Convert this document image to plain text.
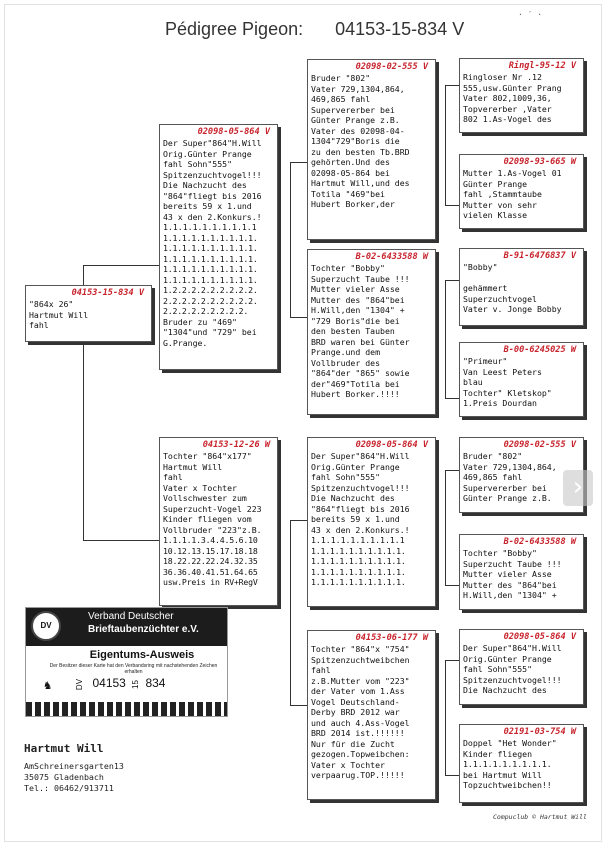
· ′ ·
Pédigree Pigeon: 04153-15-834 V
04153-15-834 V
"864x 26"
Hartmut Will
fahl
02098-05-864 V
Der Super"864"H.Will
Orig.Günter Prange
fahl Sohn"555"
Spitzenzuchtvogel!!!
Die Nachzucht des
"864"fliegt bis 2016
bereits 59 x 1.und
43 x den 2.Konkurs.!
1.1.1.1.1.1.1.1.1.1
1.1.1.1.1.1.1.1.1.1.
1.1.1.1.1.1.1.1.1.1.
1.1.1.1.1.1.1.1.1.1.
1.1.1.1.1.1.1.1.1.1.
1.1.1.1.1.1.1.1.1.1.
1.2.2.2.2.2.2.2.2.2.
2.2.2.2.2.2.2.2.2.2.
2.2.2.2.2.2.2.2.2.
Bruder zu "469"
"1304"und "729" bei
G.Prange.
04153-12-26 W
Tochter "864"x177"
Hartmut Will
fahl
Vater x Tochter
Vollschwester zum
Superzucht-Vogel 223
Kinder fliegen vom
Vollbruder "223"z.B.
1.1.1.1.3.4.4.5.6.10
10.12.13.15.17.18.18
18.22.22.22.24.32.35
36.36.40.41.51.64.65
usw.Preis in RV+RegV
02098-02-555 V
Bruder "802"
Vater 729,1304,864,
469,865 fahl
Supervererber bei
Günter Prange z.B.
Vater des 02098-04-
1304"729"Boris die
zu den besten Tb.BRD
gehörten.Und des
02098-05-864 bei
Hartmut Will,und des
Totila "469"bei
Hubert Borker,der
B-02-6433588 W
Tochter "Bobby"
Superzucht Taube !!!
Mutter vieler Asse
Mutter des "864"bei
H.Will,den "1304" +
"729 Boris"die bei
den besten Tauben
BRD waren bei Günter
Prange.und dem
Vollbruder des
"864"der "865" sowie
der"469"Totila bei
Hubert Borker.!!!!
02098-05-864 V
Der Super"864"H.Will
Orig.Günter Prange
fahl Sohn"555"
Spitzenzuchtvogel!!!
Die Nachzucht des
"864"fliegt bis 2016
bereits 59 x 1.und
43 x den 2.Konkurs.!
1.1.1.1.1.1.1.1.1.1
1.1.1.1.1.1.1.1.1.1.
1.1.1.1.1.1.1.1.1.1.
1.1.1.1.1.1.1.1.1.1.
1.1.1.1.1.1.1.1.1.1.
04153-06-177 W
Tochter "864"x "754"
Spitzenzuchtweibchen
fahl
z.B.Mutter vom "223"
der Vater vom 1.Ass
Vogel Deutschland-
Derby BRD 2012 war
und auch 4.Ass-Vogel
BRD 2014 ist.!!!!!!
Nur für die Zucht
gezogen.Topweibchen:
Vater x Tochter
verpaarug.TOP.!!!!!
Ringl-95-12 V
Ringloser Nr .12
555,usw.Günter Prang
Vater 802,1009,36,
Topvererber ,Vater
802 1.As-Vogel des
02098-93-665 W
Mutter 1.As-Vogel 01
Günter Prange
fahl ,Stammtaube
Mutter von sehr
vielen Klasse
B-91-6476837 V
"Bobby"

gehämmert
Superzuchtvogel
Vater v. Jonge Bobby
B-00-6245025 W
"Primeur"
Van Leest Peters
blau
Tochter" Kletskop"
1.Preis Dourdan
02098-02-555 V
Bruder "802"
Vater 729,1304,864,
469,865 fahl
Supervererber bei
Günter Prange z.B.
B-02-6433588 W
Tochter "Bobby"
Superzucht Taube !!!
Mutter vieler Asse
Mutter des "864"bei
H.Will,den "1304" +
02098-05-864 V
Der Super"864"H.Will
Orig.Günter Prange
fahl Sohn"555"
Spitzenzuchtvogel!!!
Die Nachzucht des
02191-03-754 W
Doppel "Het Wonder"
Kinder fliegen
1.1.1.1.1.1.1.1.1.
bei Hartmut Will
Topzuchtweibchen!!
DV
Verband Deutscher
Brieftaubenzüchter e.V.
Eigentums-Ausweis
Der Besitzer dieser Karte hat den Verbandsring mit nachstehenden Zeichen erhalten
♞	DV 04153 15 834
Hartmut Will
AmSchreinersgarten13
35075 Gladenbach
Tel.: 06462/913711
Compuclub © Hartmut Will
›
